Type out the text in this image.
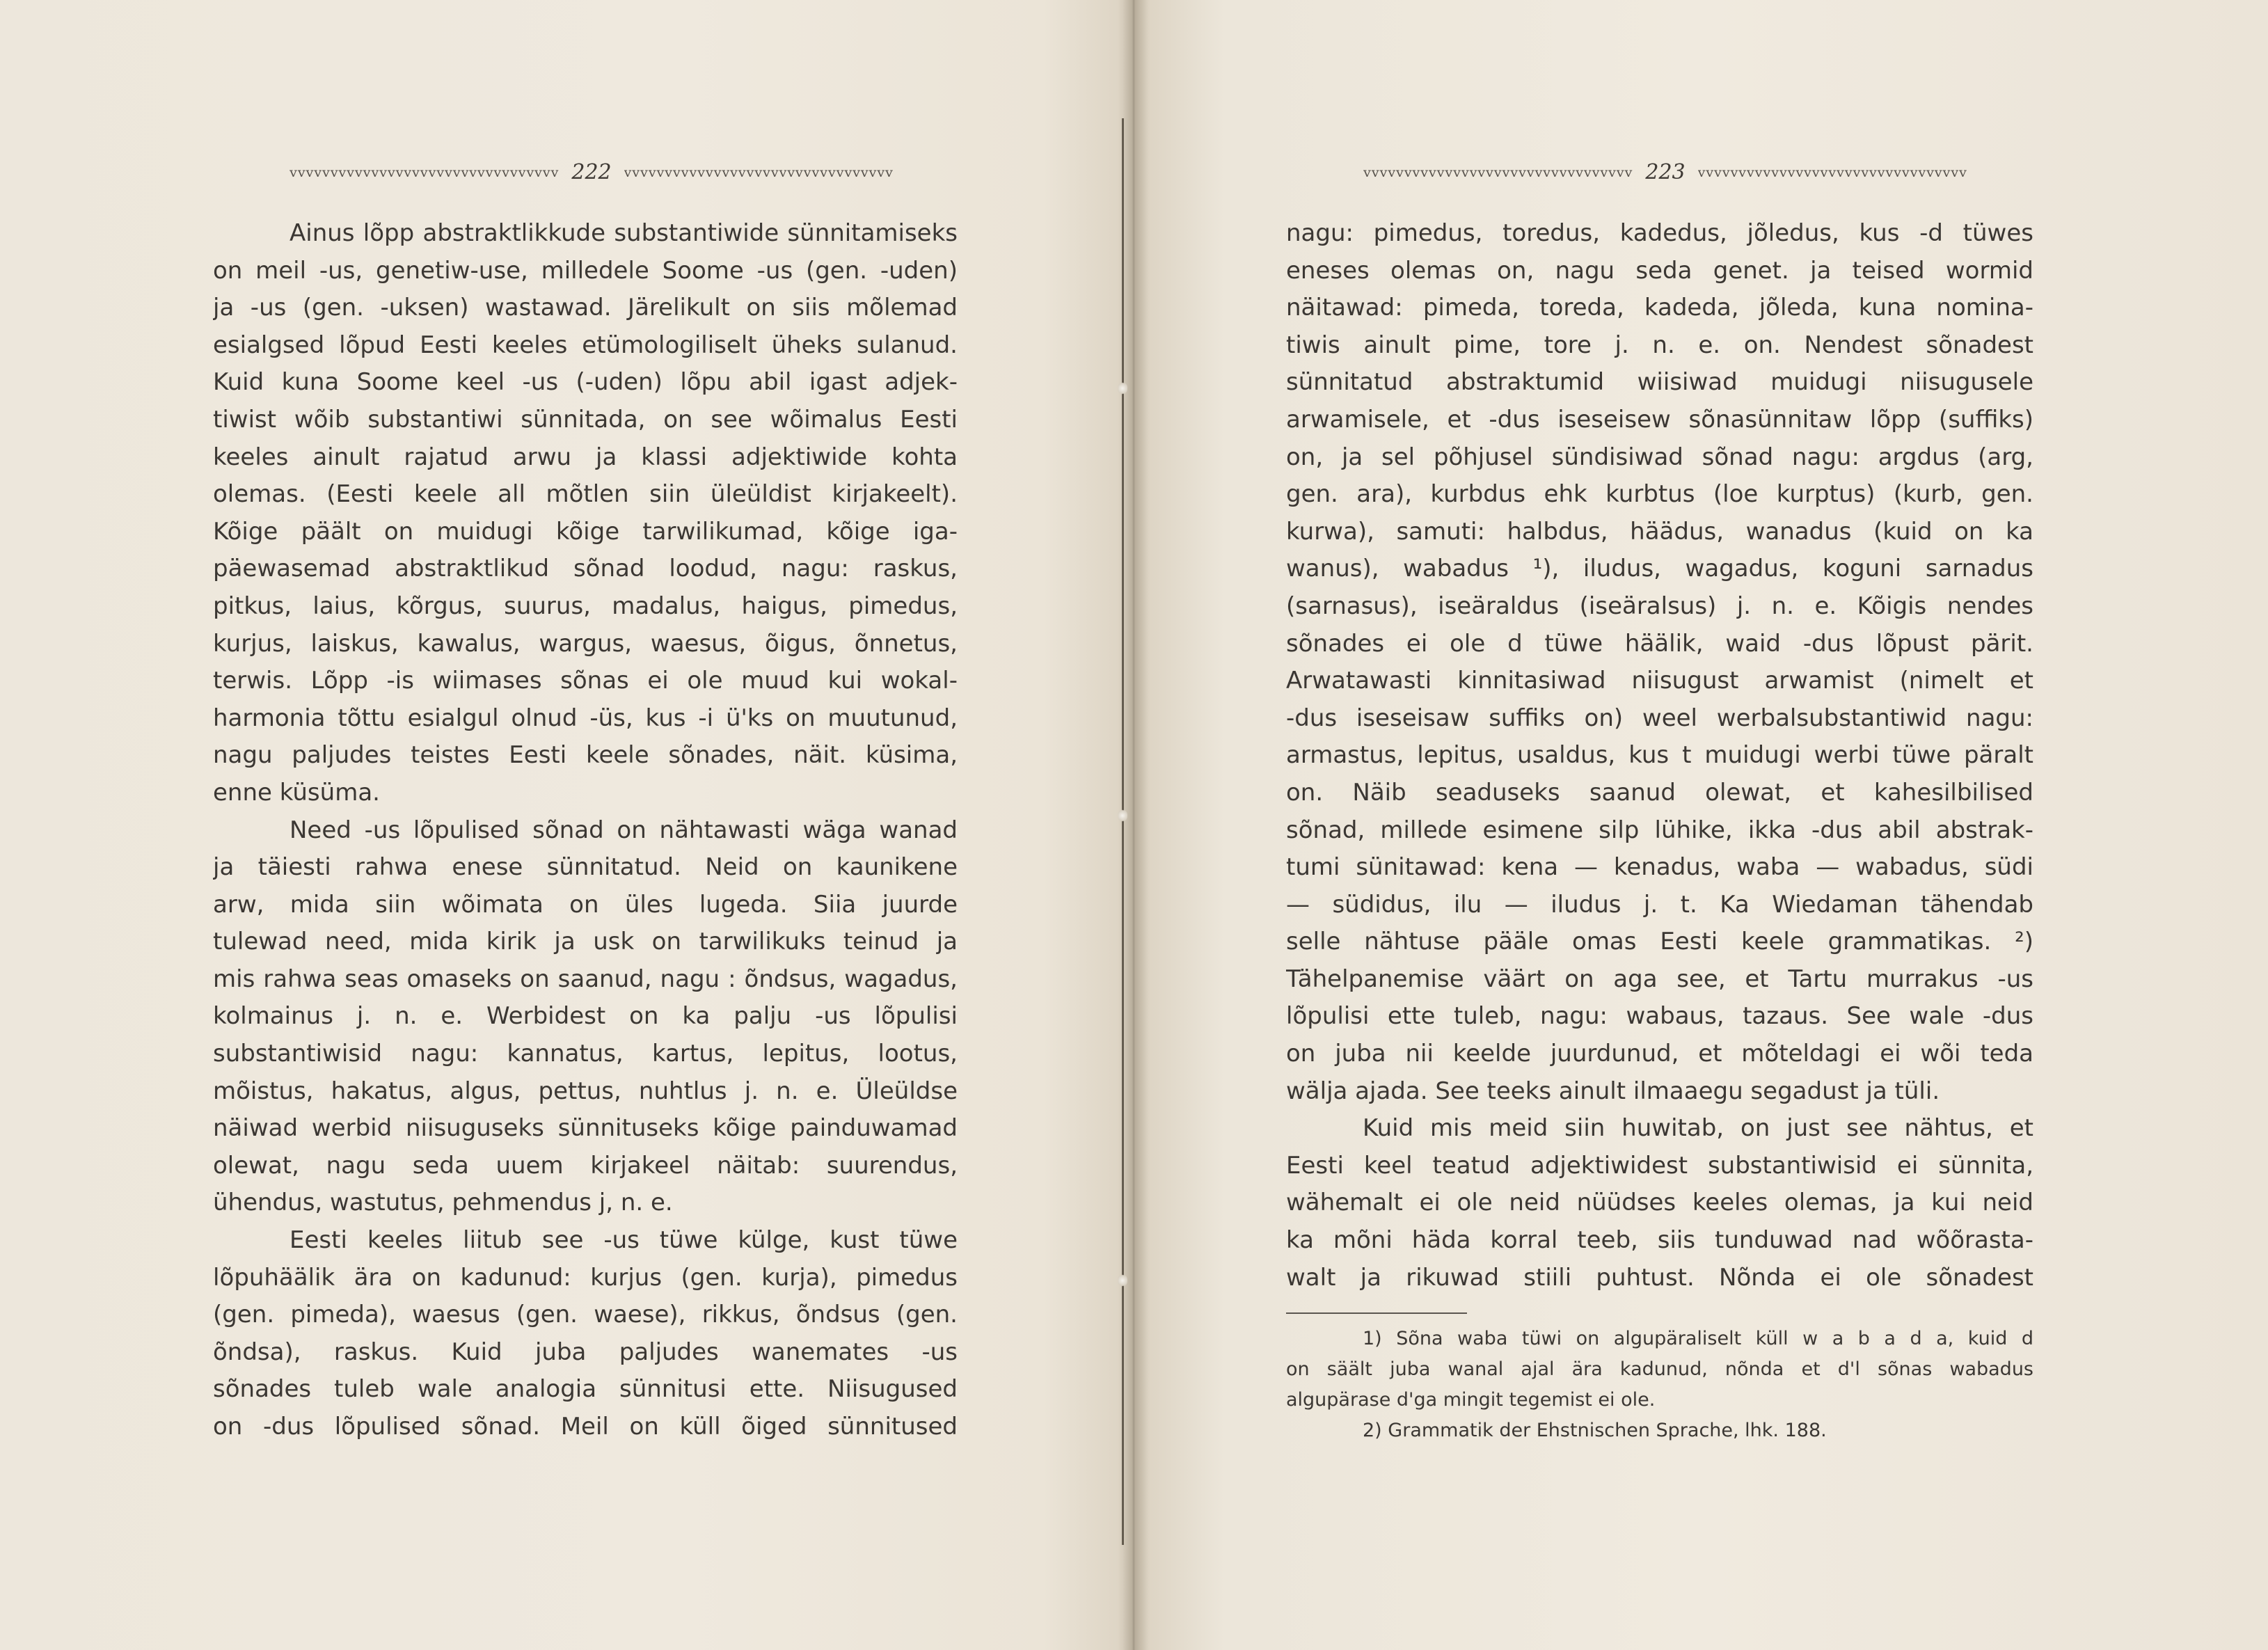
vvvvvvvvvvvvvvvvvvvvvvvvvvvvvvvvv 222 vvvvvvvvvvvvvvvvvvvvvvvvvvvvvvvvv
Ainus lõpp abstraktlikkude substantiwide sünnitamiseks
on meil -us, genetiw-use, milledele Soome -us (gen. -uden)
ja -us (gen. -uksen) wastawad. Järelikult on siis mõlemad
esialgsed lõpud Eesti keeles etümologiliselt üheks sulanud.
Kuid kuna Soome keel -us (-uden) lõpu abil igast adjek-
tiwist wõib substantiwi sünnitada, on see wõimalus Eesti
keeles ainult rajatud arwu ja klassi adjektiwide kohta
olemas. (Eesti keele all mõtlen siin üleüldist kirjakeelt).
Kõige päält on muidugi kõige tarwilikumad, kõige iga-
päewasemad abstraktlikud sõnad loodud, nagu: raskus,
pitkus, laius, kõrgus, suurus, madalus, haigus, pimedus,
kurjus, laiskus, kawalus, wargus, waesus, õigus, õnnetus,
terwis. Lõpp -is wiimases sõnas ei ole muud kui wokal-
harmonia tõttu esialgul olnud -üs, kus -i ü'ks on muutunud,
nagu paljudes teistes Eesti keele sõnades, näit. küsima,
enne küsüma.
Need -us lõpulised sõnad on nähtawasti wäga wanad
ja täiesti rahwa enese sünnitatud. Neid on kaunikene
arw, mida siin wõimata on üles lugeda. Siia juurde
tulewad need, mida kirik ja usk on tarwilikuks teinud ja
mis rahwa seas omaseks on saanud, nagu : õndsus, wagadus,
kolmainus j. n. e. Werbidest on ka palju -us lõpulisi
substantiwisid nagu: kannatus, kartus, lepitus, lootus,
mõistus, hakatus, algus, pettus, nuhtlus j. n. e. Üleüldse
näiwad werbid niisuguseks sünnituseks kõige painduwamad
olewat, nagu seda uuem kirjakeel näitab: suurendus,
ühendus, wastutus, pehmendus j, n. e.
Eesti keeles liitub see -us tüwe külge, kust tüwe
lõpuhäälik ära on kadunud: kurjus (gen. kurja), pimedus
(gen. pimeda), waesus (gen. waese), rikkus, õndsus (gen.
õndsa), raskus. Kuid juba paljudes wanemates -us
sõnades tuleb wale analogia sünnitusi ette. Niisugused
on -dus lõpulised sõnad. Meil on küll õiged sünnitused
vvvvvvvvvvvvvvvvvvvvvvvvvvvvvvvvv 223 vvvvvvvvvvvvvvvvvvvvvvvvvvvvvvvvv
nagu: pimedus, toredus, kadedus, jõledus, kus -d tüwes
eneses olemas on, nagu seda genet. ja teised wormid
näitawad: pimeda, toreda, kadeda, jõleda, kuna nomina-
tiwis ainult pime, tore j. n. e. on. Nendest sõnadest
sünnitatud abstraktumid wiisiwad muidugi niisugusele
arwamisele, et -dus iseseisew sõnasünnitaw lõpp (suffiks)
on, ja sel põhjusel sündisiwad sõnad nagu: argdus (arg,
gen. ara), kurbdus ehk kurbtus (loe kurptus) (kurb, gen.
kurwa), samuti: halbdus, häädus, wanadus (kuid on ka
wanus), wabadus ¹), iludus, wagadus, koguni sarnadus
(sarnasus), iseäraldus (iseäralsus) j. n. e. Kõigis nendes
sõnades ei ole d tüwe häälik, waid -dus lõpust pärit.
Arwatawasti kinnitasiwad niisugust arwamist (nimelt et
-dus iseseisaw suffiks on) weel werbalsubstantiwid nagu:
armastus, lepitus, usaldus, kus t muidugi werbi tüwe päralt
on. Näib seaduseks saanud olewat, et kahesilbilised
sõnad, millede esimene silp lühike, ikka -dus abil abstrak-
tumi sünitawad: kena — kenadus, waba — wabadus, südi
— südidus, ilu — iludus j. t. Ka Wiedaman tähendab
selle nähtuse pääle omas Eesti keele grammatikas. ²)
Tähelpanemise väärt on aga see, et Tartu murrakus -us
lõpulisi ette tuleb, nagu: wabaus, tazaus. See wale -dus
on juba nii keelde juurdunud, et mõteldagi ei wõi teda
wälja ajada. See teeks ainult ilmaaegu segadust ja tüli.
Kuid mis meid siin huwitab, on just see nähtus, et
Eesti keel teatud adjektiwidest substantiwisid ei sünnita,
wähemalt ei ole neid nüüdses keeles olemas, ja kui neid
ka mõni häda korral teeb, siis tunduwad nad wõõrasta-
walt ja rikuwad stiili puhtust. Nõnda ei ole sõnadest
1) Sõna waba tüwi on algupäraliselt küll w a b a d a, kuid d
on säält juba wanal ajal ära kadunud, nõnda et d'l sõnas wabadus
algupärase d'ga mingit tegemist ei ole.
2) Grammatik der Ehstnischen Sprache, lhk. 188.
